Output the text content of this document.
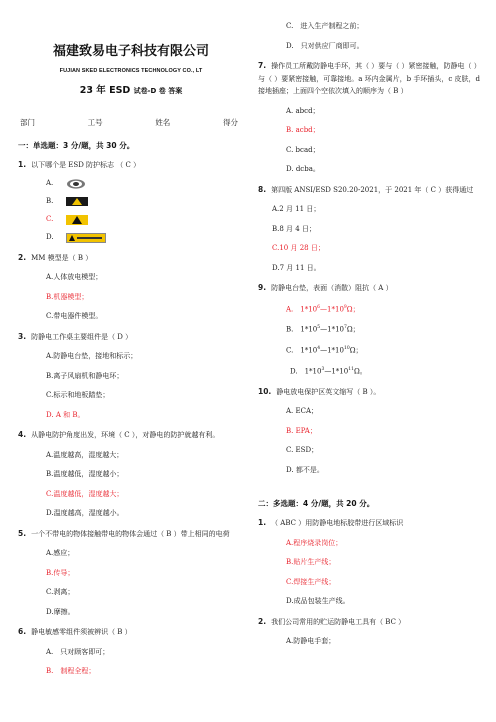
福建致易电子科技有限公司
FUJIAN SKED ELECTRONICS TECHNOLOGY CO., LT
23 年 ESD 试卷-D 卷 答案
部门	工号	姓名	得分
一：单选题：3 分/题，共 30 分。
1. 以下哪个是 ESD 防护标志 （ C ）
A.
B.
C.
D.
2. MM 模型是（ B ）
A.人体放电模型；
B.机器模型；
C.带电器件模型。
3. 防静电工作桌主要组件是（ D ）
A.防静电台垫，接地和标示；
B.离子风扇机和静电环；
C.标示和地板踏垫；
D. A 和 B。
4. 从静电防护角度出发，环境（ C ），对静电的防护就越有利。
A.温度越高，湿度越大；
B.温度越低，湿度越小；
C.温度越低，湿度越大；
D.温度越高，湿度越小。
5. 一个不带电的物体接触带电的物体会通过（ B ）带上相同的电荷
A.感应；
B.传导；
C.剥离；
D.摩擦。
6. 静电敏感零组件须被辨识（ B ）
A.　只对顾客即可；
B.　制程全程；
C.　进入生产制程之前；
D.　只对供应厂商即可。
7. 操作员工所戴防静电手环，其（ ）要与（ ）紧密接触，防静电（ ）与（ ）要紧密接触，可靠接地。a 环内金属片，b 手环插头，c 皮肤，d 接地插座；上面四个空依次填入的顺序为（ B ）
A. abcd；
B. acbd；
C. bcad；
D. dcba。
8. 第四版 ANSI/ESD S20.20-2021，于 2021 年（ C ）获得通过
A.2 月 11 日；
B.8 月 4 日；
C.10 月 28 日；
D.7 月 11 日。
9. 防静电台垫，表面（消散）阻抗（ A ）
A.　$1*10^6—1*10^9\Omega$；
B.　$1*10^5—1*10^7\Omega$；
C.　$1*10^4—1*10^{10}\Omega$；
D.　$1*10^3—1*10^{11}\Omega$。
10. 静电放电保护区英文缩写（ B ）。
A. ECA；
B. EPA；
C. ESD；
D. 都不是。
二：多选题：4 分/题，共 20 分。
1. （ ABC ）用防静电地标胶带进行区域标识
A.程序烧录岗位；
B.贴片生产线；
C.焊接生产线；
D.成品包装生产线。
2. 我们公司常用的贮运防静电工具有（ BC ）
A.防静电手套；
